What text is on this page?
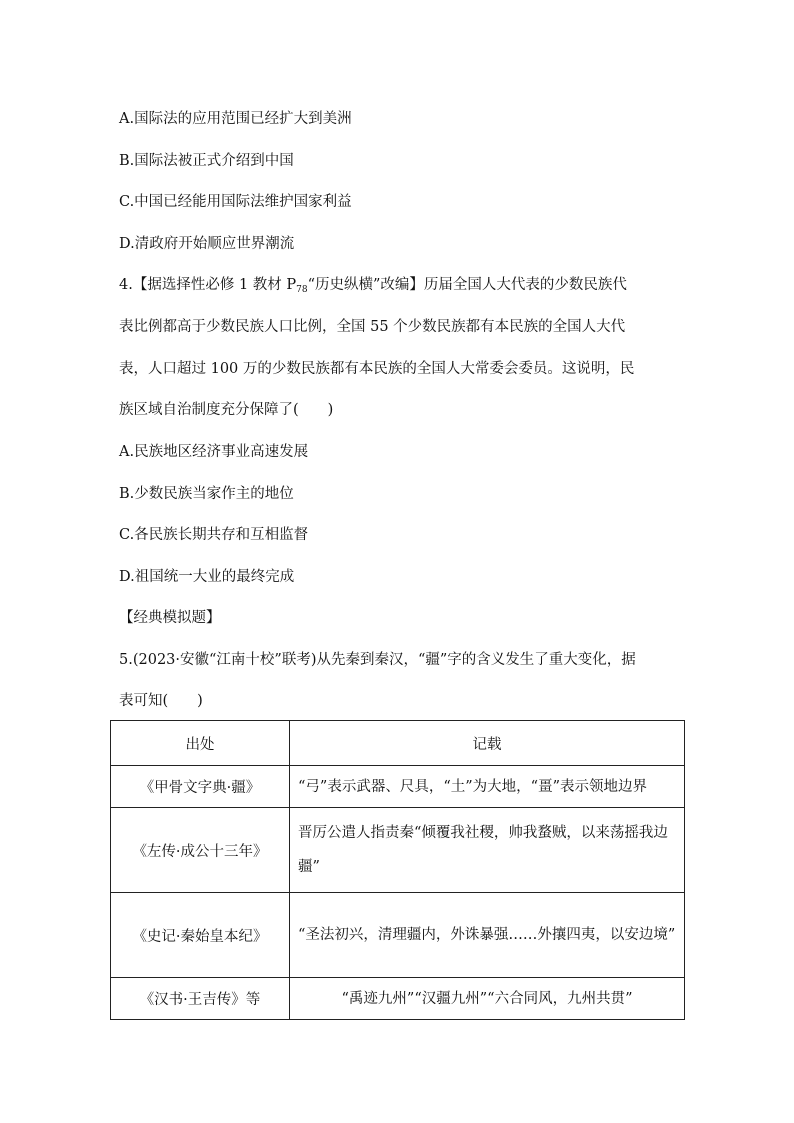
A.国际法的应用范围已经扩大到美洲
B.国际法被正式介绍到中国
C.中国已经能用国际法维护国家利益
D.清政府开始顺应世界潮流
4.【据选择性必修 1 教材 $P_{78}“$历史纵横”改编】历届全国人大代表的少数民族代
表比例都高于少数民族人口比例，全国 55 个少数民族都有本民族的全国人大代
表，人口超过 100 万的少数民族都有本民族的全国人大常委会委员。这说明，民
族区域自治制度充分保障了(　　)
A.民族地区经济事业高速发展
B.少数民族当家作主的地位
C.各民族长期共存和互相监督
D.祖国统一大业的最终完成
【经典模拟题】
5.(2023·安徽“江南十校”联考)从先秦到秦汉，“疆”字的含义发生了重大变化，据
表可知(　　)
出处	记载
《甲骨文字典·疆》	“弓”表示武器、尺具，“土”为大地，“畺”表示领地边界
《左传·成公十三年》	晋厉公遣人指责秦“倾覆我社稷，帅我蝥贼，以来荡摇我边疆”
《史记·秦始皇本纪》	“圣法初兴，清理疆内，外诛暴强……外攘四夷，以安边境”
《汉书·王吉传》等	“禹迹九州”“汉疆九州”“六合同风，九州共贯”
